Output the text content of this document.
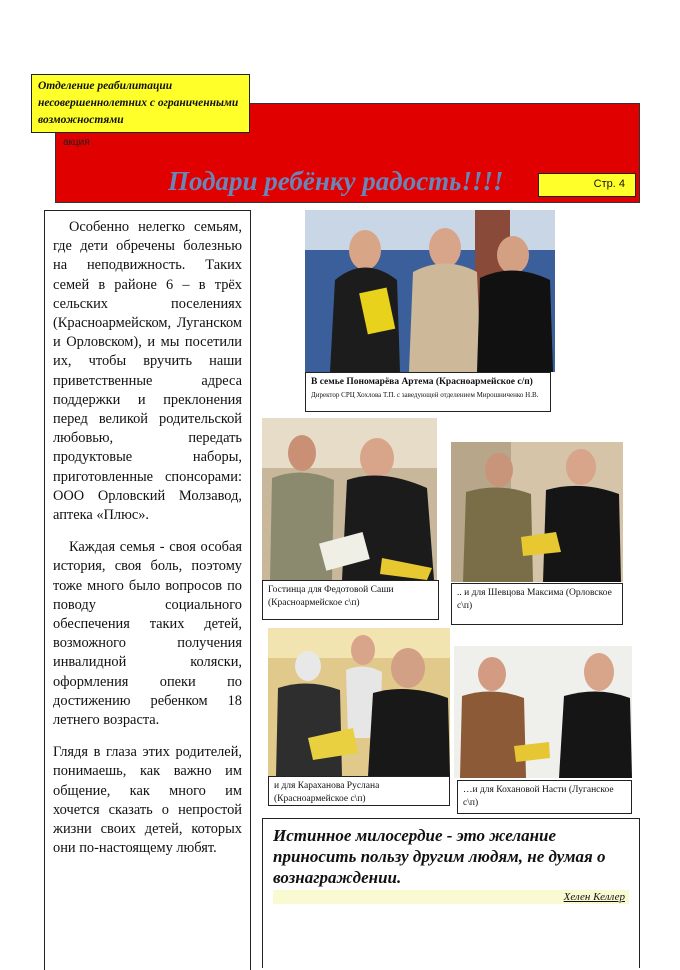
Отделение реабилитации несовершеннолетних с ограниченными возможностями
акция
Подари ребёнку радость!!!!	Стр. 4

Особенно нелегко семьям, где дети обречены болезнью на неподвижность. Таких семей в районе 6 – в трёх сельских поселениях (Красноармейском, Луганском и Орловском), и мы посетили их, чтобы вручить наши приветственные адреса поддержки и преклонения перед великой родительской любовью, передать продуктовые наборы, приготовленные спонсорами: ООО Орловский Молзавод, аптека «Плюс».

Каждая семья - своя особая история, своя боль, поэтому тоже много было вопросов по поводу социального обеспечения таких детей, возможного получения инвалидной коляски, оформления опеки по достижению ребенком 18 летнего возраста.

Глядя в глаза этих родителей, понимаешь, как важно им общение, как много им хочется сказать о непростой жизни своих детей, которых они по-настоящему любят.

В семье Пономарёва Артема (Красноармейское с/п)
Директор СРЦ Хохлова Т.П. с заведующей отделением Мирошниченко Н.В.
Гостинца для Федотовой Саши (Красноармейское с\п)
.. и для Шевцова Максима (Орловское с\п)
и для Караханова Руслана (Красноармейское с\п)
…и для Кохановой Насти (Луганское с\п)
Истинное милосердие - это желание приносить пользу другим людям, не думая о вознаграждении.
Хелен Келлер
